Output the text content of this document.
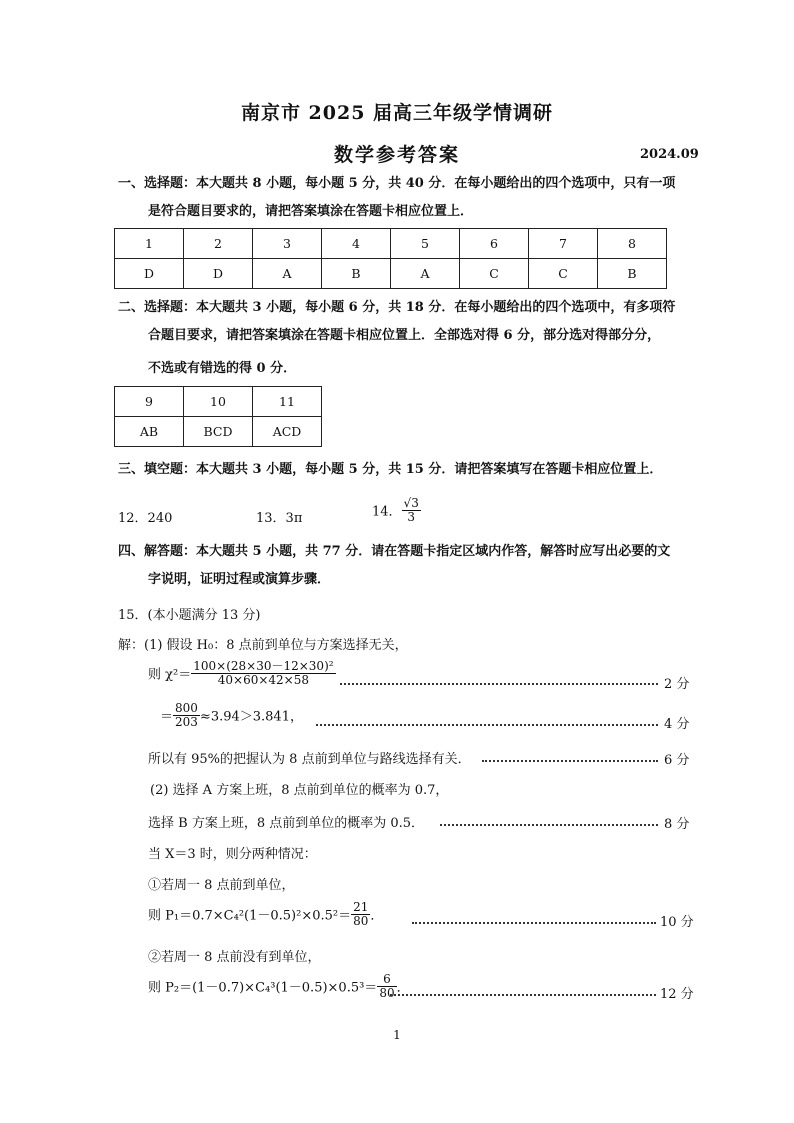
南京市 2025 届高三年级学情调研
数学参考答案	2024.09
一、选择题：本大题共 8 小题，每小题 5 分，共 40 分．在每小题给出的四个选项中，只有一项
是符合题目要求的，请把答案填涂在答题卡相应位置上．
1	2	3	4	5	6	7	8
D	D	A	B	A	C	C	B
二、选择题：本大题共 3 小题，每小题 6 分，共 18 分．在每小题给出的四个选项中，有多项符
合题目要求，请把答案填涂在答题卡相应位置上．全部选对得 6 分，部分选对得部分分，
不选或有错选的得 0 分．
9	10	11
AB	BCD	ACD
三、填空题：本大题共 3 小题，每小题 5 分，共 15 分．请把答案填写在答题卡相应位置上．
12．240	13．3π	14． $\frac{√3}{3}$
四、解答题：本大题共 5 小题，共 77 分．请在答题卡指定区域内作答，解答时应写出必要的文
字说明，证明过程或演算步骤．
15．(本小题满分 13 分)
解：(1) 假设 H₀：8 点前到单位与方案选择无关，
则 $\chi^2= \frac{\text{100×(28×30－12×30)²}}{40\times 60\times 42\times 58}$	2 分
＝ $\frac{800}{203} \approx 3.94>3.841$，	4 分
所以有 95%的把握认为 8 点前到单位与路线选择有关．	6 分
(2) 选择 A 方案上班，8 点前到单位的概率为 0.7，
选择 B 方案上班，8 点前到单位的概率为 0.5．	8 分
当 X＝3 时，则分两种情况：
①若周一 8 点前到单位，
则 $P_1=0.7\times C_4^2(1-0.5)^2\times 0.5^2= \frac{21}{80}$ ．	10 分
②若周一 8 点前没有到单位，
则 $P_2=(1-0.7)\times C_4^3(1-0.5)\times 0.5^3= \frac{6}{80}$ ．	12 分
1
